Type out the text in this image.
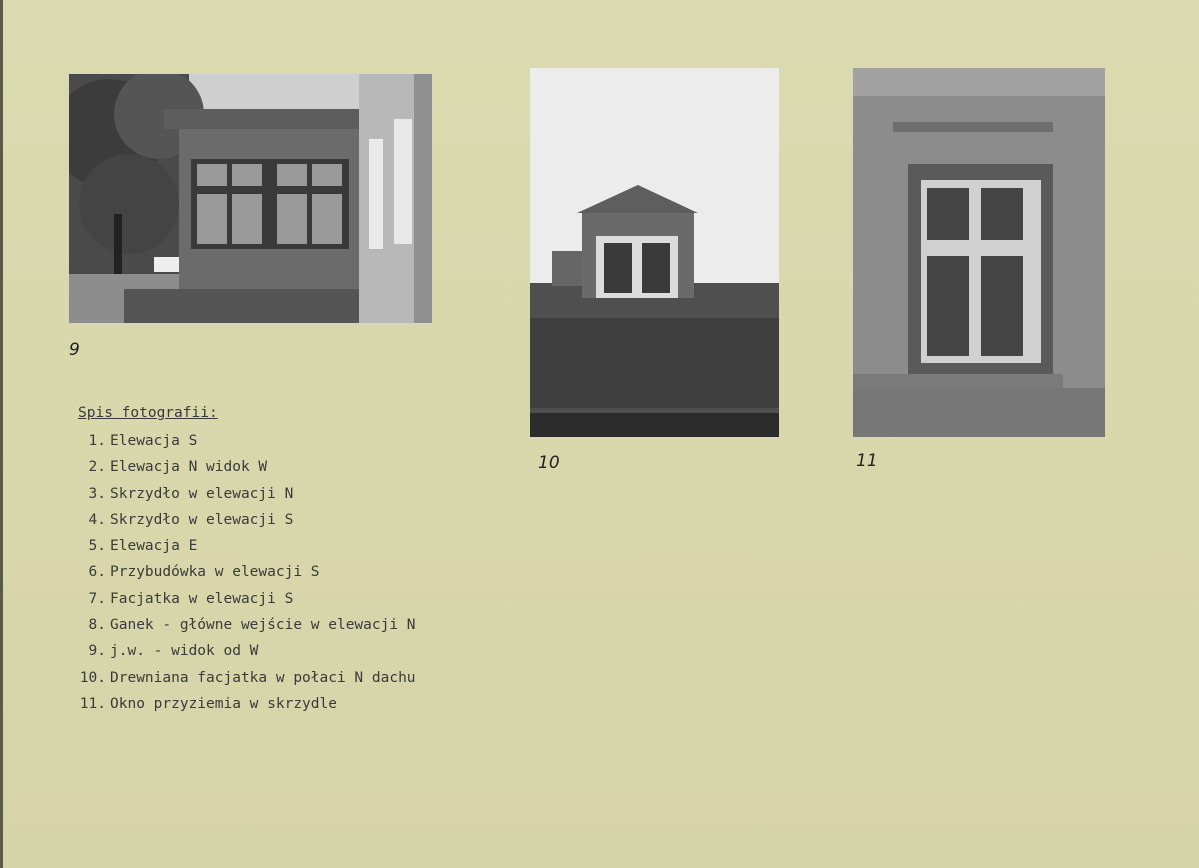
9
10	11
Spis fotografii:
1. Elewacja S
2. Elewacja N widok W
3. Skrzydło w elewacji N
4. Skrzydło w elewacji S
5. Elewacja E
6. Przybudówka w elewacji S
7. Facjatka w elewacji S
8. Ganek - główne wejście w elewacji N
9. j.w. - widok od W
10. Drewniana facjatka w połaci N dachu
11. Okno przyziemia w skrzydle
